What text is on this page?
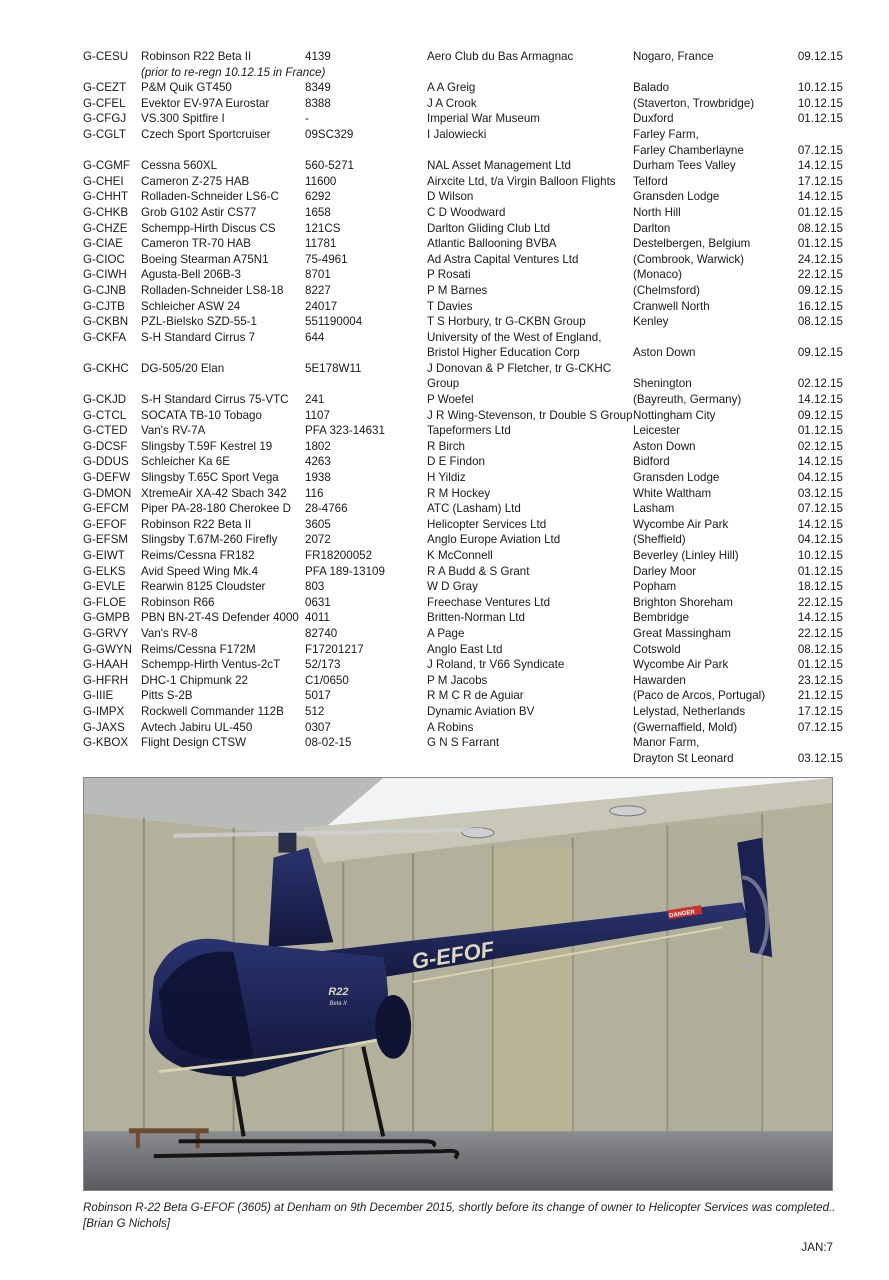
G-CESU	Robinson R22 Beta II	4139	Aero Club du Bas Armagnac	Nogaro, France	09.12.15
	(prior to re-regn 10.12.15 in France)				
G-CEZT	P&M Quik GT450	8349	A A Greig	Balado	10.12.15
G-CFEL	Evektor EV-97A Eurostar	8388	J A Crook	(Staverton, Trowbridge)	10.12.15
G-CFGJ	VS.300 Spitfire I	-	Imperial War Museum	Duxford	01.12.15
G-CGLT	Czech Sport Sportcruiser	09SC329	I Jalowiecki	Farley Farm,	
				Farley Chamberlayne	07.12.15
G-CGMF	Cessna 560XL	560-5271	NAL Asset Management Ltd	Durham Tees Valley	14.12.15
G-CHEI	Cameron Z-275 HAB	11600	Airxcite Ltd, t/a Virgin Balloon Flights	Telford	17.12.15
G-CHHT	Rolladen-Schneider LS6-C	6292	D Wilson	Gransden Lodge	14.12.15
G-CHKB	Grob G102 Astir CS77	1658	C D Woodward	North Hill	01.12.15
G-CHZE	Schempp-Hirth Discus CS	121CS	Darlton Gliding Club Ltd	Darlton	08.12.15
G-CIAE	Cameron TR-70 HAB	11781	Atlantic Ballooning BVBA	Destelbergen, Belgium	01.12.15
G-CIOC	Boeing Stearman A75N1	75-4961	Ad Astra Capital Ventures Ltd	(Combrook, Warwick)	24.12.15
G-CIWH	Agusta-Bell 206B-3	8701	P Rosati	(Monaco)	22.12.15
G-CJNB	Rolladen-Schneider LS8-18	8227	P M Barnes	(Chelmsford)	09.12.15
G-CJTB	Schleicher ASW 24	24017	T Davies	Cranwell North	16.12.15
G-CKBN	PZL-Bielsko SZD-55-1	551190004	T S Horbury, tr G-CKBN Group	Kenley	08.12.15
G-CKFA	S-H Standard Cirrus 7	644	University of the West of England,		
			Bristol Higher Education Corp	Aston Down	09.12.15
G-CKHC	DG-505/20 Elan	5E178W11	J Donovan & P Fletcher, tr G-CKHC		
			Group	Shenington	02.12.15
G-CKJD	S-H Standard Cirrus 75-VTC	241	P Woefel	(Bayreuth, Germany)	14.12.15
G-CTCL	SOCATA TB-10 Tobago	1107	J R Wing-Stevenson, tr Double S Group	Nottingham City	09.12.15
G-CTED	Van's RV-7A	PFA 323-14631	Tapeformers Ltd	Leicester	01.12.15
G-DCSF	Slingsby T.59F Kestrel 19	1802	R Birch	Aston Down	02.12.15
G-DDUS	Schleicher Ka 6E	4263	D E Findon	Bidford	14.12.15
G-DEFW	Slingsby T.65C Sport Vega	1938	H Yildiz	Gransden Lodge	04.12.15
G-DMON	XtremeAir XA-42 Sbach 342	116	R M Hockey	White Waltham	03.12.15
G-EFCM	Piper PA-28-180 Cherokee D	28-4766	ATC (Lasham) Ltd	Lasham	07.12.15
G-EFOF	Robinson R22 Beta II	3605	Helicopter Services Ltd	Wycombe Air Park	14.12.15
G-EFSM	Slingsby T.67M-260 Firefly	2072	Anglo Europe Aviation Ltd	(Sheffield)	04.12.15
G-EIWT	Reims/Cessna FR182	FR18200052	K McConnell	Beverley (Linley Hill)	10.12.15
G-ELKS	Avid Speed Wing Mk.4	PFA 189-13109	R A Budd & S Grant	Darley Moor	01.12.15
G-EVLE	Rearwin 8125 Cloudster	803	W D Gray	Popham	18.12.15
G-FLOE	Robinson R66	0631	Freechase Ventures Ltd	Brighton Shoreham	22.12.15
G-GMPB	PBN BN-2T-4S Defender 4000	4011	Britten-Norman Ltd	Bembridge	14.12.15
G-GRVY	Van's RV-8	82740	A Page	Great Massingham	22.12.15
G-GWYN	Reims/Cessna F172M	F17201217	Anglo East Ltd	Cotswold	08.12.15
G-HAAH	Schempp-Hirth Ventus-2cT	52/173	J Roland, tr V66 Syndicate	Wycombe Air Park	01.12.15
G-HFRH	DHC-1 Chipmunk 22	C1/0650	P M Jacobs	Hawarden	23.12.15
G-IIIE	Pitts S-2B	5017	R M C R de Aguiar	(Paco de Arcos, Portugal)	21.12.15
G-IMPX	Rockwell Commander 112B	512	Dynamic Aviation BV	Lelystad, Netherlands	17.12.15
G-JAXS	Avtech Jabiru UL-450	0307	A Robins	(Gwernaffield, Mold)	07.12.15
G-KBOX	Flight Design CTSW	08-02-15	G N S Farrant	Manor Farm,	
				Drayton St Leonard	03.12.15
G-EFOF
R22
Beta II
DANGER
Robinson R-22 Beta G-EFOF (3605) at Denham on 9th December 2015, shortly before its change of owner to Helicopter Services was completed..
[Brian G Nichols]
JAN:7
